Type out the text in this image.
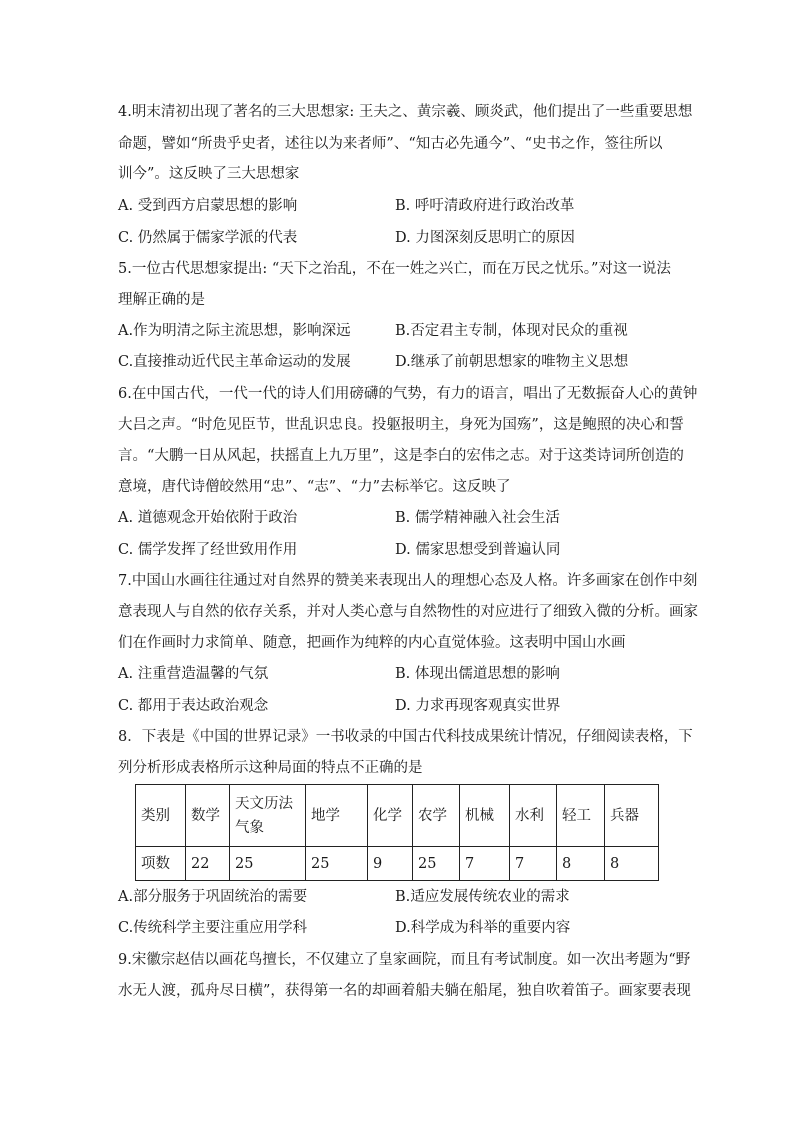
4.明末清初出现了著名的三大思想家: 王夫之、黄宗羲、顾炎武，他们提出了一些重要思想
命题，譬如“所贵乎史者，述往以为来者师”、“知古必先通今”、“史书之作，签往所以
训今”。这反映了三大思想家
A. 受到西方启蒙思想的影响	B. 呼吁清政府进行政治改革
C. 仍然属于儒家学派的代表	D. 力图深刻反思明亡的原因
5.一位古代思想家提出: “天下之治乱，不在一姓之兴亡，而在万民之忧乐。”对这一说法
理解正确的是
A.作为明清之际主流思想，影响深远	B.否定君主专制，体现对民众的重视
C.直接推动近代民主革命运动的发展	D.继承了前朝思想家的唯物主义思想
6.在中国古代，一代一代的诗人们用磅礴的气势，有力的语言，唱出了无数振奋人心的黄钟
大吕之声。“时危见臣节，世乱识忠良。投躯报明主，身死为国殇”，这是鲍照的决心和誓
言。“大鹏一日从风起，扶摇直上九万里”，这是李白的宏伟之志。对于这类诗词所创造的
意境，唐代诗僧皎然用“忠”、“志”、“力”去标举它。这反映了
A. 道德观念开始依附于政治	B. 儒学精神融入社会生活
C. 儒学发挥了经世致用作用	D. 儒家思想受到普遍认同
7.中国山水画往往通过对自然界的赞美来表现出人的理想心态及人格。许多画家在创作中刻
意表现人与自然的依存关系，并对人类心意与自然物性的对应进行了细致入微的分析。画家
们在作画时力求简单、随意，把画作为纯粹的内心直觉体验。这表明中国山水画
A. 注重营造温馨的气氛	B. 体现出儒道思想的影响
C. 都用于表达政治观念	D. 力求再现客观真实世界
8．下表是《中国的世界记录》一书收录的中国古代科技成果统计情况，仔细阅读表格，下
列分析形成表格所示这种局面的特点不正确的是
类别	数学	天文历法气象	地学	化学	农学	机械	水利	轻工	兵器
项数	22	25	25	9	25	7	7	8	8
A.部分服务于巩固统治的需要	B.适应发展传统农业的需求
C.传统科学主要注重应用学科	D.科学成为科举的重要内容
9.宋徽宗赵佶以画花鸟擅长，不仅建立了皇家画院，而且有考试制度。如一次出考题为“野
水无人渡，孤舟尽日横”，获得第一名的却画着船夫躺在船尾，独自吹着笛子。画家要表现
